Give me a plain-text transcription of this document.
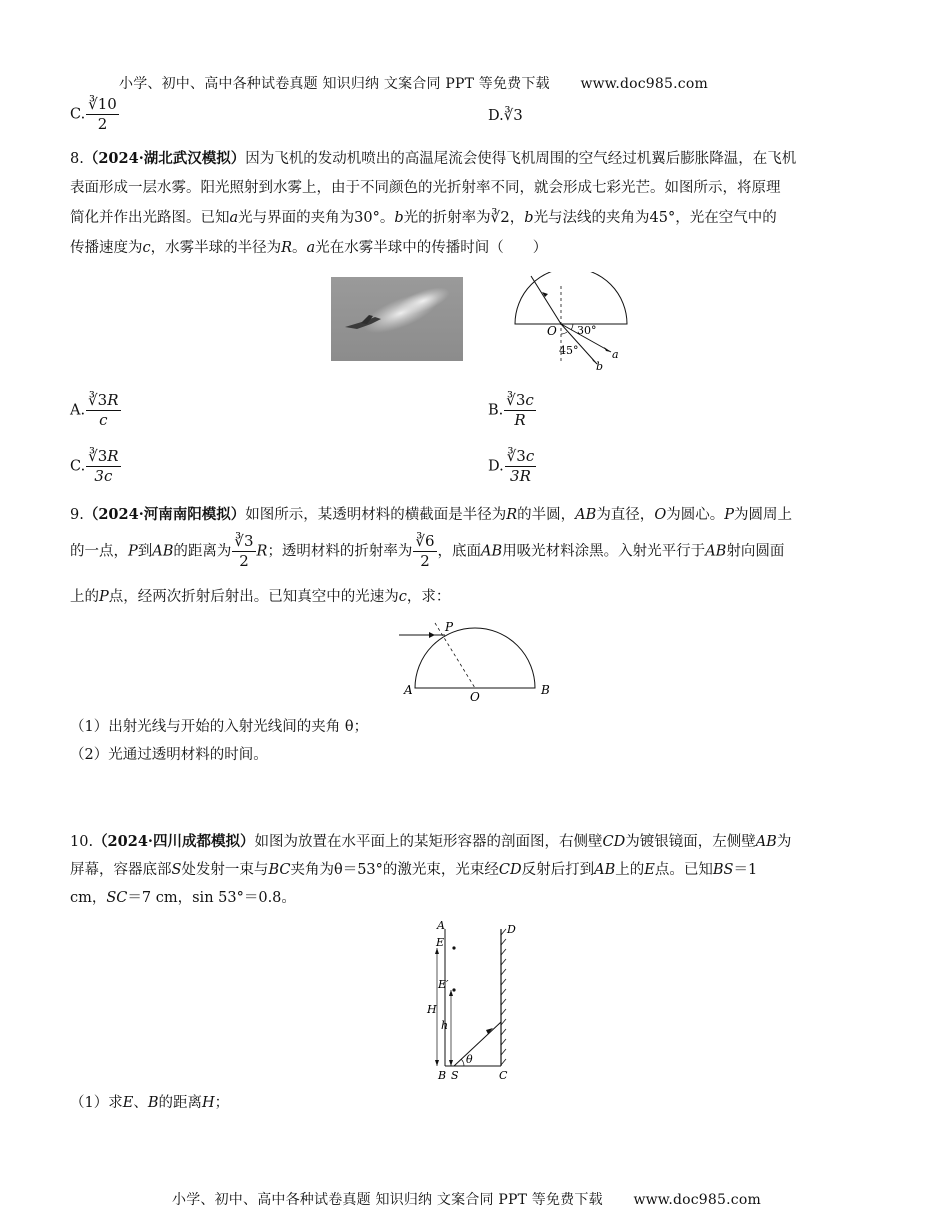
小学、初中、高中各种试卷真题 知识归纳 文案合同 PPT 等免费下载 www.doc985.com
C. $\frac{∛10}{2}$	D.∛3
8.（2024·湖北武汉模拟）因为飞机的发动机喷出的高温尾流会使得飞机周围的空气经过机翼后膨胀降温，在飞机
表面形成一层水雾。阳光照射到水雾上，由于不同颜色的光折射率不同，就会形成七彩光芒。如图所示，将原理
简化并作出光路图。已知a光与界面的夹角为30°。b光的折射率为∛2，b光与法线的夹角为45°，光在空气中的
传播速度为c，水雾半球的半径为R。a光在水雾半球中的传播时间（　　）
O 30°
45°	a
b
A. $\frac{∛3R}{c}$	B. $\frac{∛3c}{R}$
C. $\frac{∛3R}{3c}$	D. $\frac{∛3c}{3R}$
9.（2024·河南南阳模拟）如图所示，某透明材料的横截面是半径为R的半圆，AB为直径，O为圆心。P为圆周上
的一点，P到AB的距离为 $\frac{∛3}{2}$ R；透明材料的折射率为 $\frac{∛6}{2}$ ，底面AB用吸光材料涂黑。入射光平行于AB射向圆面
上的P点，经两次折射后射出。已知真空中的光速为c，求：
P
A	O	B
（1）出射光线与开始的入射光线间的夹角 θ；
（2）光通过透明材料的时间。
10.（2024·四川成都模拟）如图为放置在水平面上的某矩形容器的剖面图，右侧壁CD为镀银镜面，左侧壁AB为
屏幕，容器底部S处发射一束与BC夹角为θ＝53°的激光束，光束经CD反射后打到AB上的E点。已知BS＝1
cm，SC＝7 cm，sin 53°＝0.8。
A
E
E′
H
h
B S
θ
C
D
（1）求E、B的距离H；
小学、初中、高中各种试卷真题 知识归纳 文案合同 PPT 等免费下载 www.doc985.com
